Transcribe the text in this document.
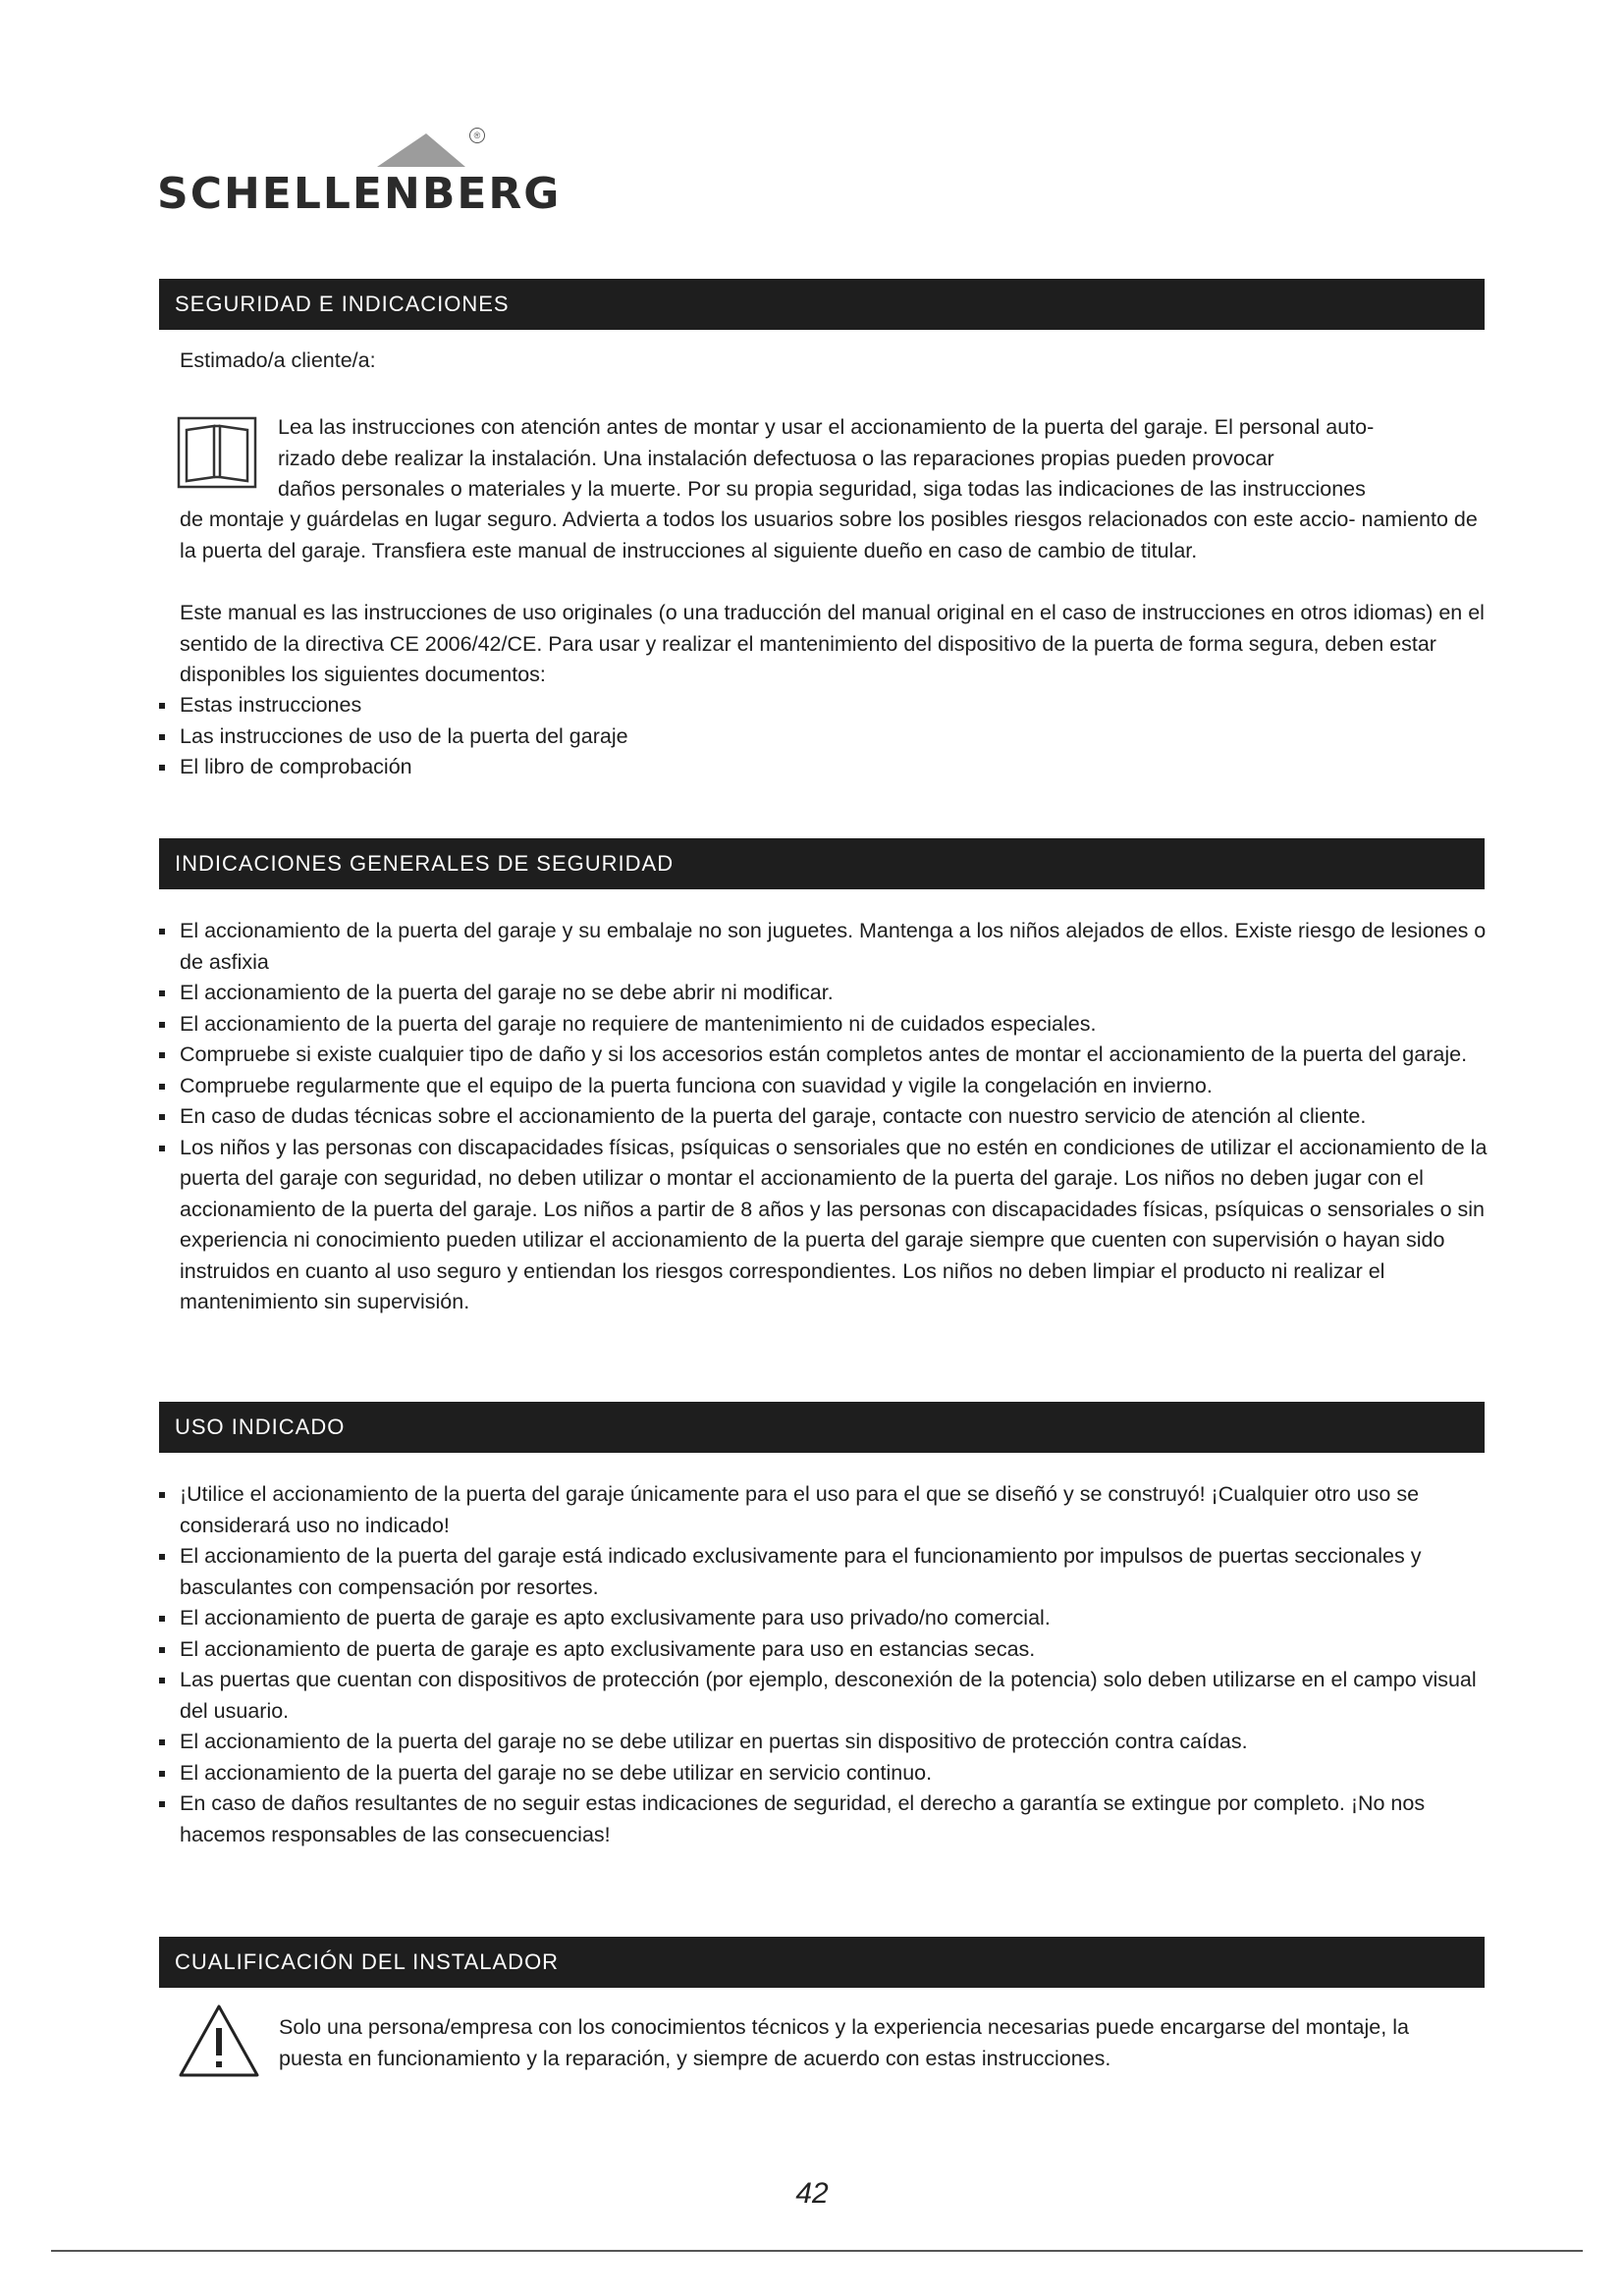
®
SCHELLENBERG
SEGURIDAD E INDICACIONES
Estimado/a cliente/a:
Lea las instrucciones con atención antes de montar y usar el accionamiento de la puerta del garaje. El personal auto-
rizado debe realizar la instalación. Una instalación defectuosa o las reparaciones propias pueden provocar
daños personales o materiales y la muerte. Por su propia seguridad, siga todas las indicaciones de las instrucciones
de montaje y guárdelas en lugar seguro. Advierta a todos los usuarios sobre los posibles riesgos relacionados con este accio- namiento de la puerta del garaje. Transfiera este manual de instrucciones al siguiente dueño en caso de cambio de titular.
Este manual es las instrucciones de uso originales (o una traducción del manual original en el caso de instrucciones en otros idiomas) en el sentido de la directiva CE 2006/42/CE. Para usar y realizar el mantenimiento del dispositivo de la puerta de forma segura, deben estar disponibles los siguientes documentos:
Estas instrucciones
Las instrucciones de uso de la puerta del garaje
El libro de comprobación
INDICACIONES GENERALES DE SEGURIDAD
El accionamiento de la puerta del garaje y su embalaje no son juguetes. Mantenga a los niños alejados de ellos. Existe riesgo de lesiones o de asfixia
El accionamiento de la puerta del garaje no se debe abrir ni modificar.
El accionamiento de la puerta del garaje no requiere de mantenimiento ni de cuidados especiales.
Compruebe si existe cualquier tipo de daño y si los accesorios están completos antes de montar el accionamiento de la puerta del garaje.
Compruebe regularmente que el equipo de la puerta funciona con suavidad y vigile la congelación en invierno.
En caso de dudas técnicas sobre el accionamiento de la puerta del garaje, contacte con nuestro servicio de atención al cliente.
Los niños y las personas con discapacidades físicas, psíquicas o sensoriales que no estén en condiciones de utilizar el accionamiento de la puerta del garaje con seguridad, no deben utilizar o montar el accionamiento de la puerta del garaje. Los niños no deben jugar con el accionamiento de la puerta del garaje. Los niños a partir de 8 años y las personas con discapacidades físicas, psíquicas o sensoriales o sin experiencia ni conocimiento pueden utilizar el accionamiento de la puerta del garaje siempre que cuenten con supervisión o hayan sido instruidos en cuanto al uso seguro y entiendan los riesgos correspondientes. Los niños no deben limpiar el producto ni realizar el mantenimiento sin supervisión.
USO INDICADO
¡Utilice el accionamiento de la puerta del garaje únicamente para el uso para el que se diseñó y se construyó! ¡Cualquier otro uso se considerará uso no indicado!
El accionamiento de la puerta del garaje está indicado exclusivamente para el funcionamiento por impulsos de puertas seccionales y basculantes con compensación por resortes.
El accionamiento de puerta de garaje es apto exclusivamente para uso privado/no comercial.
El accionamiento de puerta de garaje es apto exclusivamente para uso en estancias secas.
Las puertas que cuentan con dispositivos de protección (por ejemplo, desconexión de la potencia) solo deben utilizarse en el campo visual del usuario.
El accionamiento de la puerta del garaje no se debe utilizar en puertas sin dispositivo de protección contra caídas.
El accionamiento de la puerta del garaje no se debe utilizar en servicio continuo.
En caso de daños resultantes de no seguir estas indicaciones de seguridad, el derecho a garantía se extingue por completo. ¡No nos hacemos responsables de las consecuencias!
CUALIFICACIÓN DEL INSTALADOR
Solo una persona/empresa con los conocimientos técnicos y la experiencia necesarias puede encargarse del montaje, la puesta en funcionamiento y la reparación, y siempre de acuerdo con estas instrucciones.
42
